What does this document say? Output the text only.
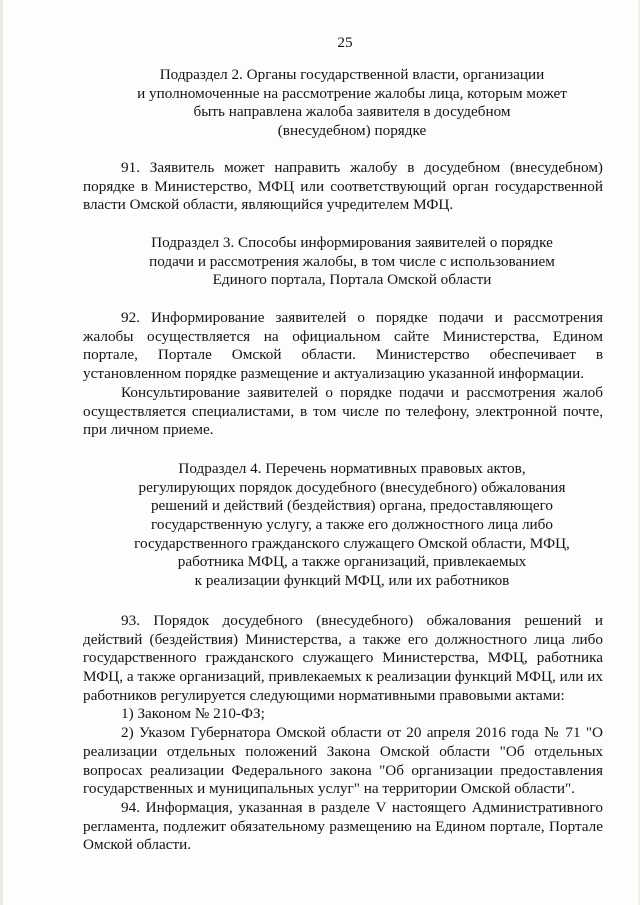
25
Подраздел 2. Органы государственной власти, организации
и уполномоченные на рассмотрение жалобы лица, которым может
быть направлена жалоба заявителя в досудебном
(внесудебном) порядке

91. Заявитель может направить жалобу в досудебном (внесудебном) порядке в Министерство, МФЦ или соответствующий орган государственной власти Омской области, являющийся учредителем МФЦ.

Подраздел 3. Способы информирования заявителей о порядке
подачи и рассмотрения жалобы, в том числе с использованием
Единого портала, Портала Омской области

92. Информирование заявителей о порядке подачи и рассмотрения жалобы осуществляется на официальном сайте Министерства, Едином портале, Портале Омской области. Министерство обеспечивает в установленном порядке размещение и актуализацию указанной информации.

Консультирование заявителей о порядке подачи и рассмотрения жалоб осуществляется специалистами, в том числе по телефону, электронной почте, при личном приеме.

Подраздел 4. Перечень нормативных правовых актов,
регулирующих порядок досудебного (внесудебного) обжалования
решений и действий (бездействия) органа, предоставляющего
государственную услугу, а также его должностного лица либо
государственного гражданского служащего Омской области, МФЦ,
работника МФЦ, а также организаций, привлекаемых
к реализации функций МФЦ, или их работников

93. Порядок досудебного (внесудебного) обжалования решений и действий (бездействия) Министерства, а также его должностного лица либо государственного гражданского служащего Министерства, МФЦ, работника МФЦ, а также организаций, привлекаемых к реализации функций МФЦ, или их работников регулируется следующими нормативными правовыми актами:

1) Законом № 210-ФЗ;

2) Указом Губернатора Омской области от 20 апреля 2016 года № 71 "О реализации отдельных положений Закона Омской области "Об отдельных вопросах реализации Федерального закона "Об организации предоставления государственных и муниципальных услуг" на территории Омской области".

94. Информация, указанная в разделе V настоящего Административного регламента, подлежит обязательному размещению на Едином портале, Портале Омской области.
